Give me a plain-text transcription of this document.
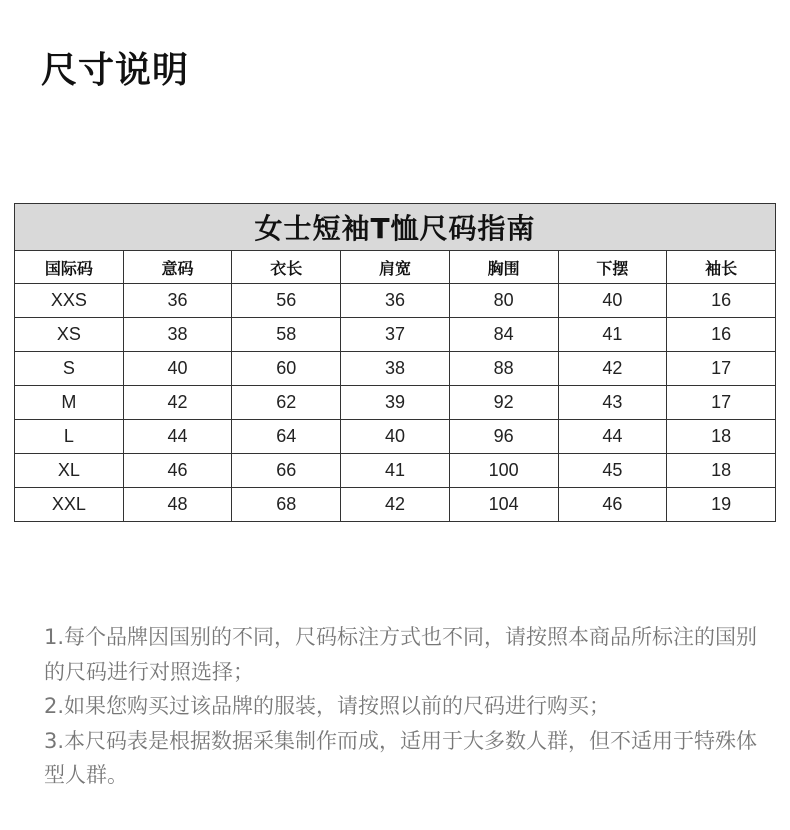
尺寸说明
女士短袖T恤尺码指南						
国际码	意码	衣长	肩宽	胸围	下摆	袖长
XXS	36	56	36	80	40	16
XS	38	58	37	84	41	16
S	40	60	38	88	42	17
M	42	62	39	92	43	17
L	44	64	40	96	44	18
XL	46	66	41	100	45	18
XXL	48	68	42	104	46	19

1.每个品牌因国别的不同，尺码标注方式也不同，请按照本商品所标注的国别的尺码进行对照选择；

2.如果您购买过该品牌的服装，请按照以前的尺码进行购买；

3.本尺码表是根据数据采集制作而成，适用于大多数人群，但不适用于特殊体型人群。
